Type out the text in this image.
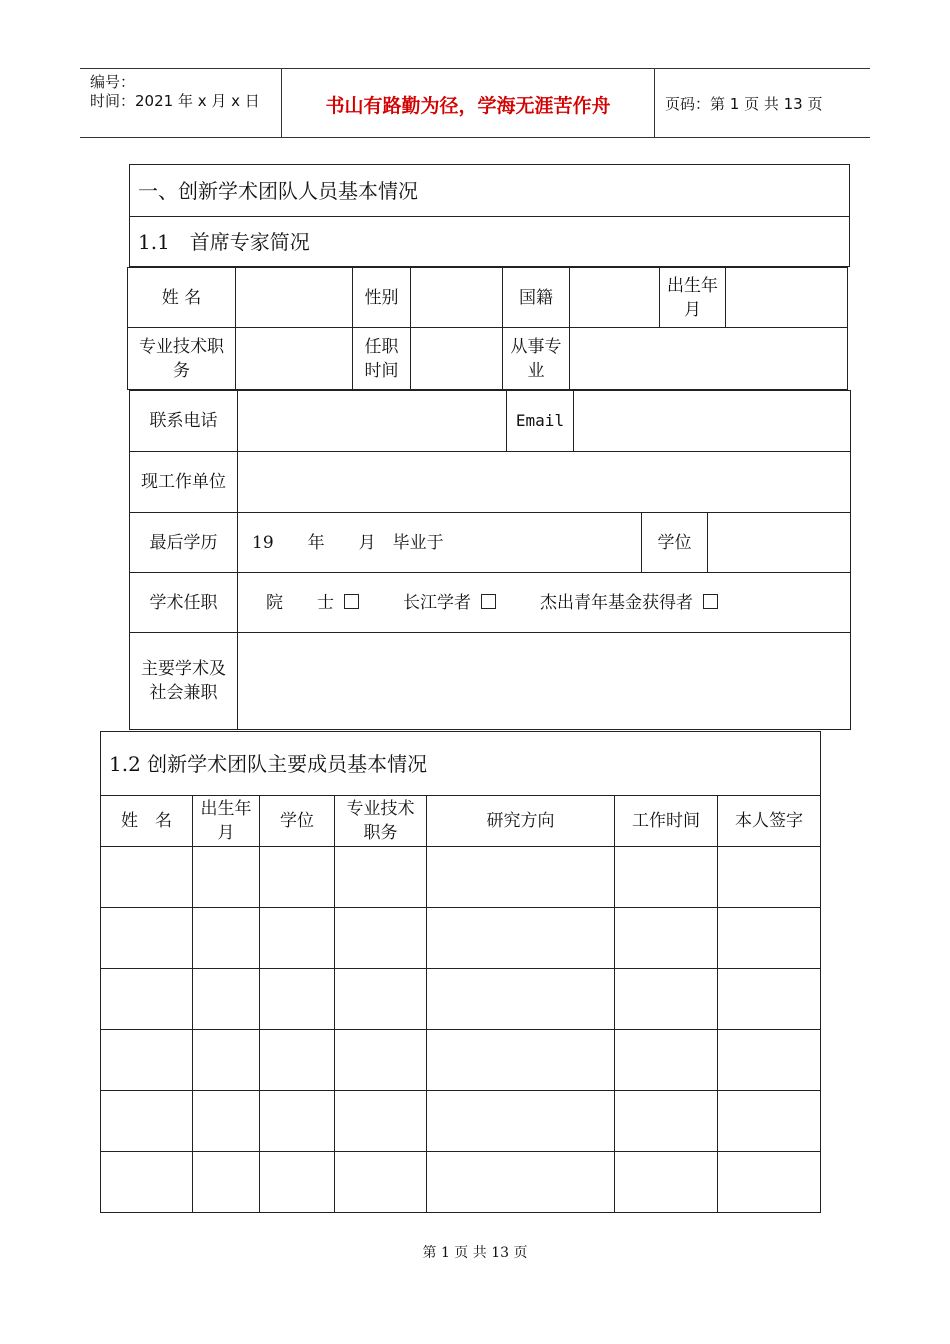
编号：
时间：2021 年 x 月 x 日	书山有路勤为径，学海无涯苦作舟	页码：第 1 页 共 13 页
一、创新学术团队人员基本情况
1.1　首席专家简况
姓 名		性别		国籍		出生年月	
专业技术职务		任职时间		从事专业			
联系电话		Email	
现工作单位			
最后学历	19　　年　　月　毕业于	学位	
学术任职	院　　士 长江学者 杰出青年基金获得者
主要学术及社会兼职	
1.2 创新学术团队主要成员基本情况						
姓　名	出生年月	学位	专业技术职务	研究方向	工作时间	本人签字

第 1 页 共 13 页
